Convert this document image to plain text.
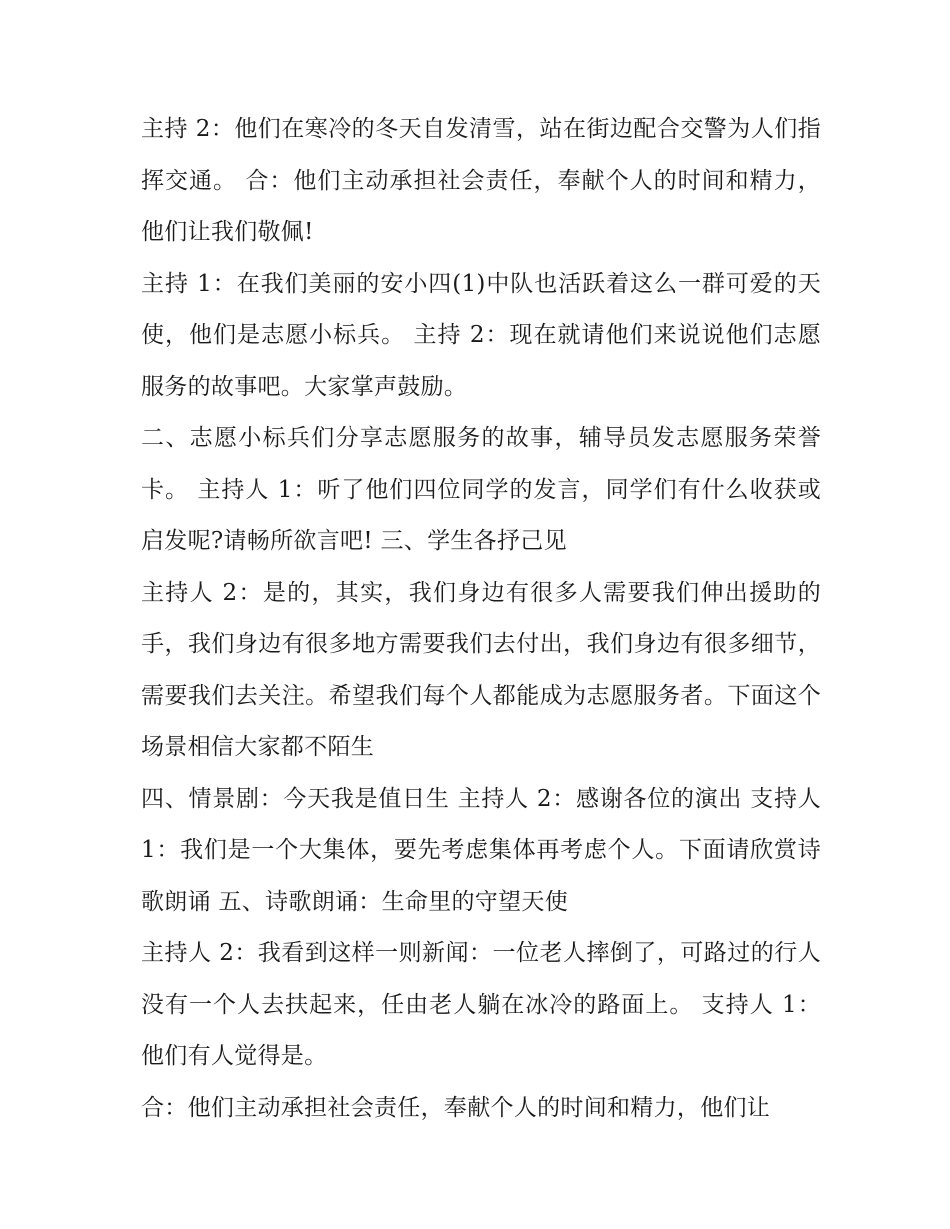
主持 2：他们在寒冷的冬天自发清雪，站在街边配合交警为人们指挥交通。 合：他们主动承担社会责任，奉献个人的时间和精力，他们让我们敬佩!

主持 1：在我们美丽的安小四(1)中队也活跃着这么一群可爱的天使，他们是志愿小标兵。 主持 2：现在就请他们来说说他们志愿服务的故事吧。大家掌声鼓励。

二、志愿小标兵们分享志愿服务的故事，辅导员发志愿服务荣誉卡。 主持人 1：听了他们四位同学的发言，同学们有什么收获或启发呢?请畅所欲言吧! 三、学生各抒己见

主持人 2：是的，其实，我们身边有很多人需要我们伸出援助的手，我们身边有很多地方需要我们去付出，我们身边有很多细节，需要我们去关注。希望我们每个人都能成为志愿服务者。下面这个场景相信大家都不陌生

四、情景剧：今天我是值日生 主持人 2：感谢各位的演出 支持人 1：我们是一个大集体，要先考虑集体再考虑个人。下面请欣赏诗歌朗诵 五、诗歌朗诵：生命里的守望天使

主持人 2：我看到这样一则新闻：一位老人摔倒了，可路过的行人没有一个人去扶起来，任由老人躺在冰冷的路面上。 支持人 1：他们有人觉得是。

合：他们主动承担社会责任，奉献个人的时间和精力，他们让
